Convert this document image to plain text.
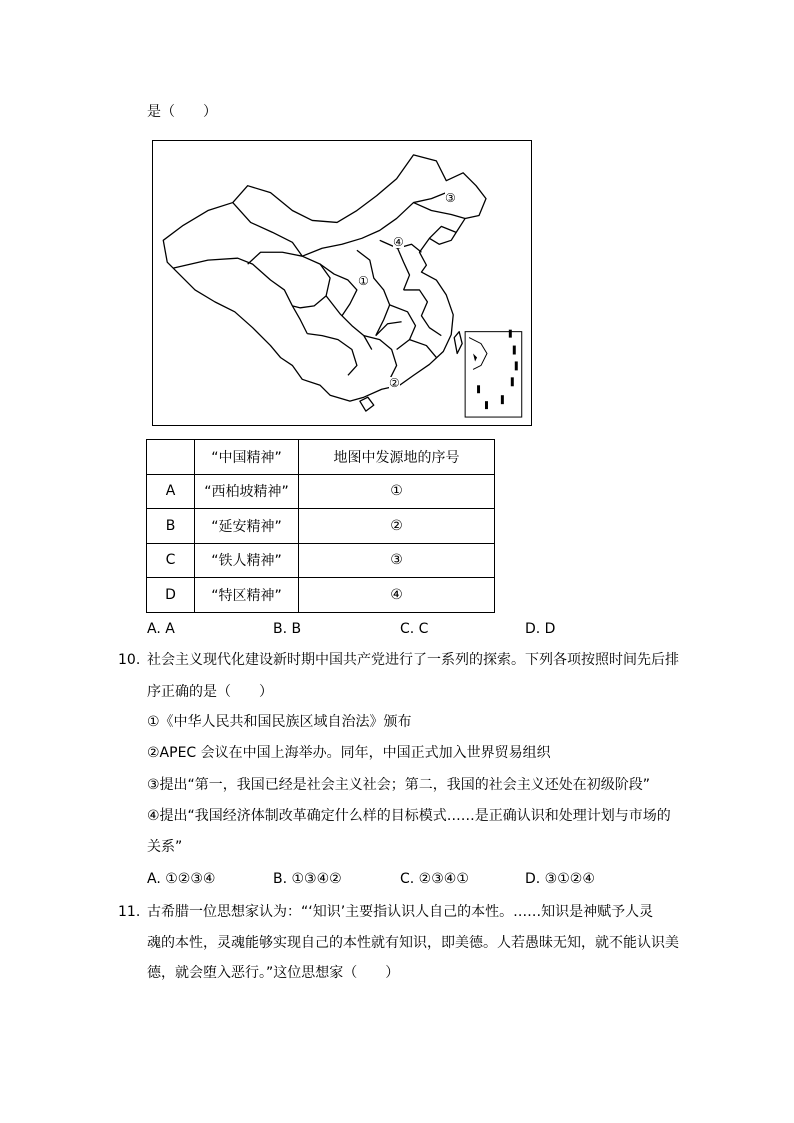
是（　　）
①
②
③
④
	“中国精神”	地图中发源地的序号
A	“西柏坡精神”	①
B	“延安精神”	②
C	“铁人精神”	③
D	“特区精神”	④
A. A	B. B	C. C	D. D
10. 社会主义现代化建设新时期中国共产党进行了一系列的探索。下列各项按照时间先后排
序正确的是（　　）
①《中华人民共和国民族区域自治法》颁布
②APEC 会议在中国上海举办。同年，中国正式加入世界贸易组织
③提出“第一，我国已经是社会主义社会；第二，我国的社会主义还处在初级阶段”
④提出“我国经济体制改革确定什么样的目标模式……是正确认识和处理计划与市场的
关系”
A. ①②③④	B. ①③④②	C. ②③④①	D. ③①②④
11. 古希腊一位思想家认为：“‘知识’主要指认识人自己的本性。……知识是神赋予人灵
魂的本性，灵魂能够实现自己的本性就有知识，即美德。人若愚昧无知，就不能认识美
德，就会堕入恶行。”这位思想家（　　）
